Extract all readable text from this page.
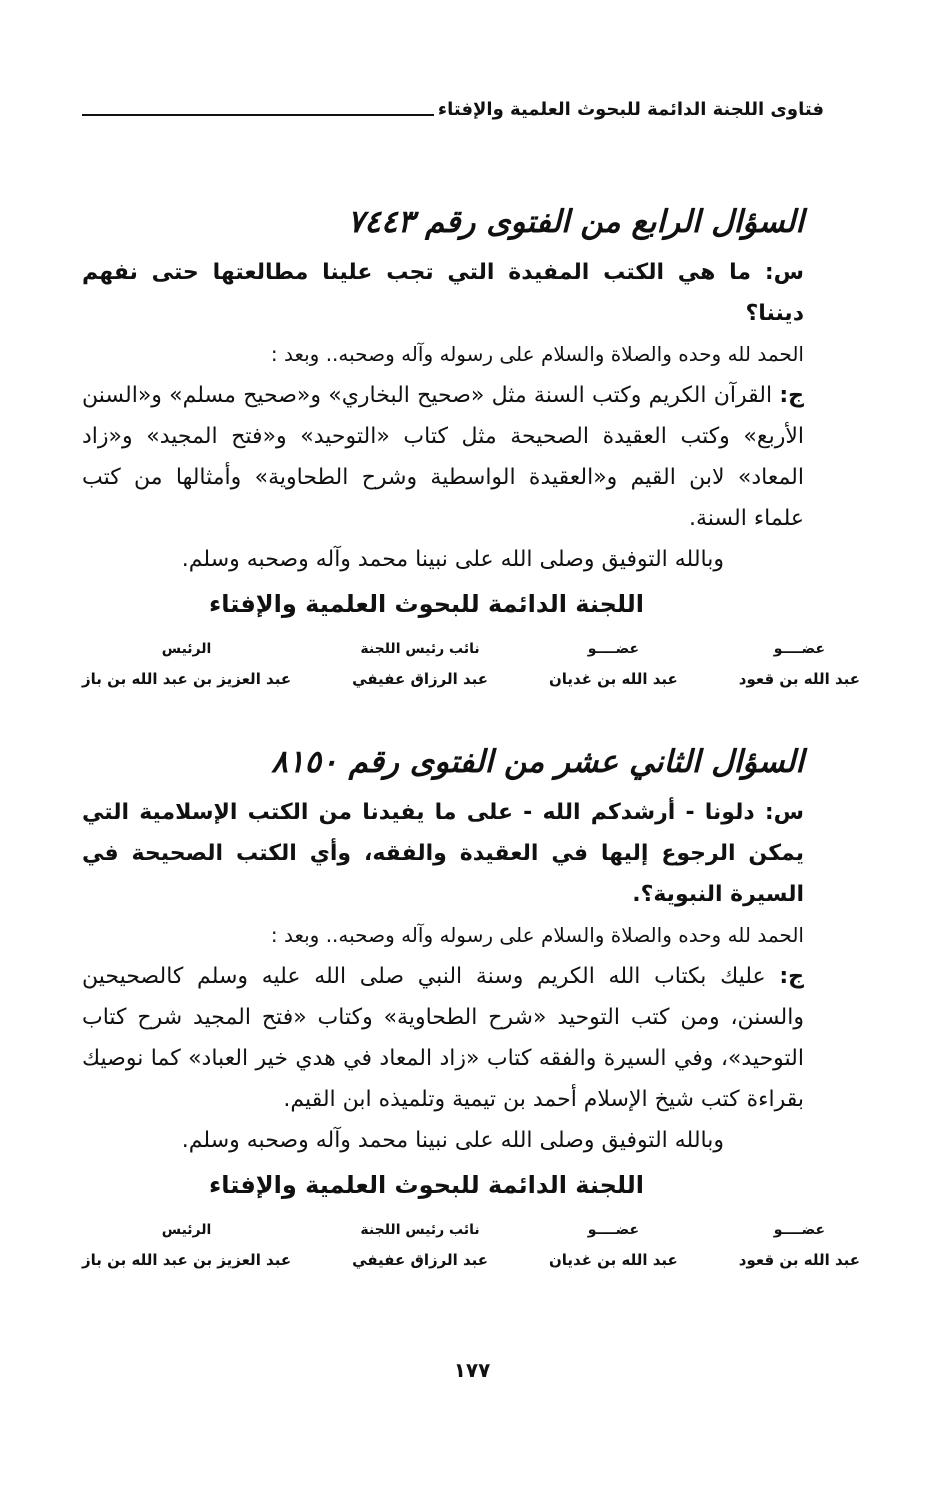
فتاوى اللجنة الدائمة للبحوث العلمية والإفتاء
السؤال الرابع من الفتوى رقم ٧٤٤٣

س: ما هي الكتب المفيدة التي تجب علينا مطالعتها حتى نفهم ديننا؟

الحمد لله وحده والصلاة والسلام على رسوله وآله وصحبه.. وبعد :

ج: القرآن الكريم وكتب السنة مثل «صحيح البخاري» و«صحيح مسلم» و«السنن الأربع» وكتب العقيدة الصحيحة مثل كتاب «التوحيد» و«فتح المجيد» و«زاد المعاد» لابن القيم و«العقيدة الواسطية وشرح الطحاوية» وأمثالها من كتب علماء السنة.

وبالله التوفيق وصلى الله على نبينا محمد وآله وصحبه وسلم.

اللجنة الدائمة للبحوث العلمية والإفتاء
عضــــو
عبد الله بن قعود
عضــــو
عبد الله بن غديان
نائب رئيس اللجنة
عبد الرزاق عفيفي
الرئيس
عبد العزيز بن عبد الله بن باز
السؤال الثاني عشر من الفتوى رقم ٨١٥٠

س: دلونا - أرشدكم الله - على ما يفيدنا من الكتب الإسلامية التي يمكن الرجوع إليها في العقيدة والفقه، وأي الكتب الصحيحة في السيرة النبوية؟.

الحمد لله وحده والصلاة والسلام على رسوله وآله وصحبه.. وبعد :

ج: عليك بكتاب الله الكريم وسنة النبي صلى الله عليه وسلم كالصحيحين والسنن، ومن كتب التوحيد «شرح الطحاوية» وكتاب «فتح المجيد شرح كتاب التوحيد»، وفي السيرة والفقه كتاب «زاد المعاد في هدي خير العباد» كما نوصيك بقراءة كتب شيخ الإسلام أحمد بن تيمية وتلميذه ابن القيم.

وبالله التوفيق وصلى الله على نبينا محمد وآله وصحبه وسلم.

اللجنة الدائمة للبحوث العلمية والإفتاء
عضــــو
عبد الله بن قعود
عضــــو
عبد الله بن غديان
نائب رئيس اللجنة
عبد الرزاق عفيفي
الرئيس
عبد العزيز بن عبد الله بن باز
١٧٧
